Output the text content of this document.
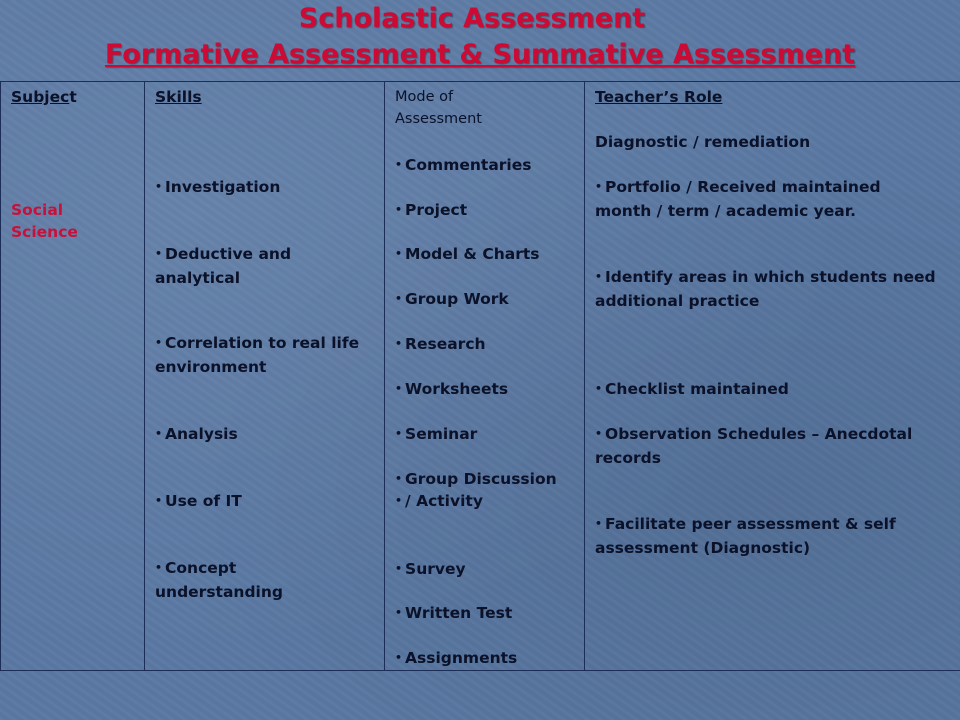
Scholastic Assessment
Formative Assessment & Summative Assessment
Subject
Social Science

Skills
• Investigation
• Deductive and analytical
• Correlation to real life environment
• Analysis
• Use of IT
• Concept understanding

Mode of Assessment
• Commentaries
• Project
• Model & Charts
• Group Work
• Research
• Worksheets
• Seminar
• Group Discussion
• / Activity
• Survey
• Written Test
• Assignments

Teacher’s Role
Diagnostic / remediation
• Portfolio / Received maintained month / term / academic year.
• Identify areas in which students need additional practice
• Checklist maintained
• Observation Schedules – Anecdotal records
• Facilitate peer assessment & self assessment (Diagnostic)
